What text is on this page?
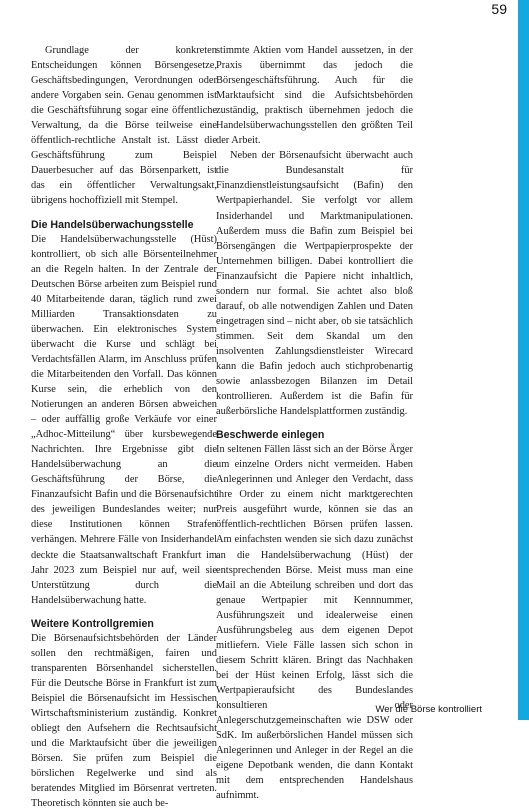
59

Grundlage der konkreten Entscheidungen können Börsengesetze, Geschäftsbedingungen, Verordnungen oder andere Vorgaben sein. Genau genommen ist die Geschäftsführung sogar eine öffentliche Verwaltung, da die Börse teilweise eine öffentlich-rechtliche Anstalt ist. Lässt die Geschäftsführung zum Beispiel Dauerbesucher auf das Börsenparkett, ist das ein öffentlicher Verwaltungsakt, übrigens hochoffiziell mit Stempel.

Die Handelsüberwachungsstelle

Die Handelsüberwachungsstelle (Hüst) kontrolliert, ob sich alle Börsenteilnehmer an die Regeln halten. In der Zentrale der Deutschen Börse arbeiten zum Beispiel rund 40 Mitarbeitende daran, täglich rund zwei Milliarden Transaktionsdaten zu überwachen. Ein elektronisches System überwacht die Kurse und schlägt bei Verdachtsfällen Alarm, im Anschluss prüfen die Mitarbeitenden den Vorfall. Das können Kurse sein, die erheblich von den Notierungen an anderen Börsen abweichen – oder auffällig große Verkäufe vor einer „Adhoc-Mitteilung“ über kursbewegende Nachrichten. Ihre Ergebnisse gibt die Handelsüberwachung an die Geschäftsführung der Börse, die Finanzaufsicht Bafin und die Börsenaufsicht des jeweiligen Bundeslandes weiter; nur diese Institutionen können Strafen verhängen. Mehrere Fälle von Insiderhandel deckte die Staatsanwaltschaft Frankfurt im Jahr 2023 zum Beispiel nur auf, weil sie Unterstützung durch die Handelsüberwachung hatte.

Weitere Kontrollgremien

Die Börsenaufsichtsbehörden der Länder sollen den rechtmäßigen, fairen und transparenten Börsenhandel sicherstellen. Für die Deutsche Börse in Frankfurt ist zum Beispiel die Börsenaufsicht im Hessischen Wirtschaftsministerium zuständig. Konkret obliegt den Aufsehern die Rechtsaufsicht und die Marktaufsicht über die jeweiligen Börsen. Sie prüfen zum Beispiel die börslichen Regelwerke und sind als beratendes Mitglied im Börsenrat vertreten. Theoretisch könnten sie auch be-

stimmte Aktien vom Handel aussetzen, in der Praxis übernimmt das jedoch die Börsengeschäftsführung. Auch für die Marktaufsicht sind die Aufsichtsbehörden zuständig, praktisch übernehmen jedoch die Handelsüberwachungsstellen den größten Teil der Arbeit.

Neben der Börsenaufsicht überwacht auch die Bundesanstalt für Finanzdienstleistungsaufsicht (Bafin) den Wertpapierhandel. Sie verfolgt vor allem Insiderhandel und Marktmanipulationen. Außerdem muss die Bafin zum Beispiel bei Börsengängen die Wertpapierprospekte der Unternehmen billigen. Dabei kontrolliert die Finanzaufsicht die Papiere nicht inhaltlich, sondern nur formal. Sie achtet also bloß darauf, ob alle notwendigen Zahlen und Daten eingetragen sind – nicht aber, ob sie tatsächlich stimmen. Seit dem Skandal um den insolventen Zahlungsdienstleister Wirecard kann die Bafin jedoch auch stichprobenartig sowie anlassbezogen Bilanzen im Detail kontrollieren. Außerdem ist die Bafin für außerbörsliche Handelsplattformen zuständig.

Beschwerde einlegen

In seltenen Fällen lässt sich an der Börse Ärger um einzelne Orders nicht vermeiden. Haben Anlegerinnen und Anleger den Verdacht, dass ihre Order zu einem nicht marktgerechten Preis ausgeführt wurde, können sie das an öffentlich-rechtlichen Börsen prüfen lassen. Am einfachsten wenden sie sich dazu zunächst an die Handelsüberwachung (Hüst) der entsprechenden Börse. Meist muss man eine Mail an die Abteilung schreiben und dort das genaue Wertpapier mit Kennnummer, Ausführungszeit und idealerweise einen Ausführungsbeleg aus dem eigenen Depot mitliefern. Viele Fälle lassen sich schon in diesem Schritt klären. Bringt das Nachhaken bei der Hüst keinen Erfolg, lässt sich die Wertpapieraufsicht des Bundeslandes konsultieren oder Anlegerschutzgemeinschaften wie DSW oder SdK. Im außerbörslichen Handel müssen sich Anlegerinnen und Anleger in der Regel an die eigene Depotbank wenden, die dann Kontakt mit dem entsprechenden Handelshaus aufnimmt.

Wer die Börse kontrolliert
